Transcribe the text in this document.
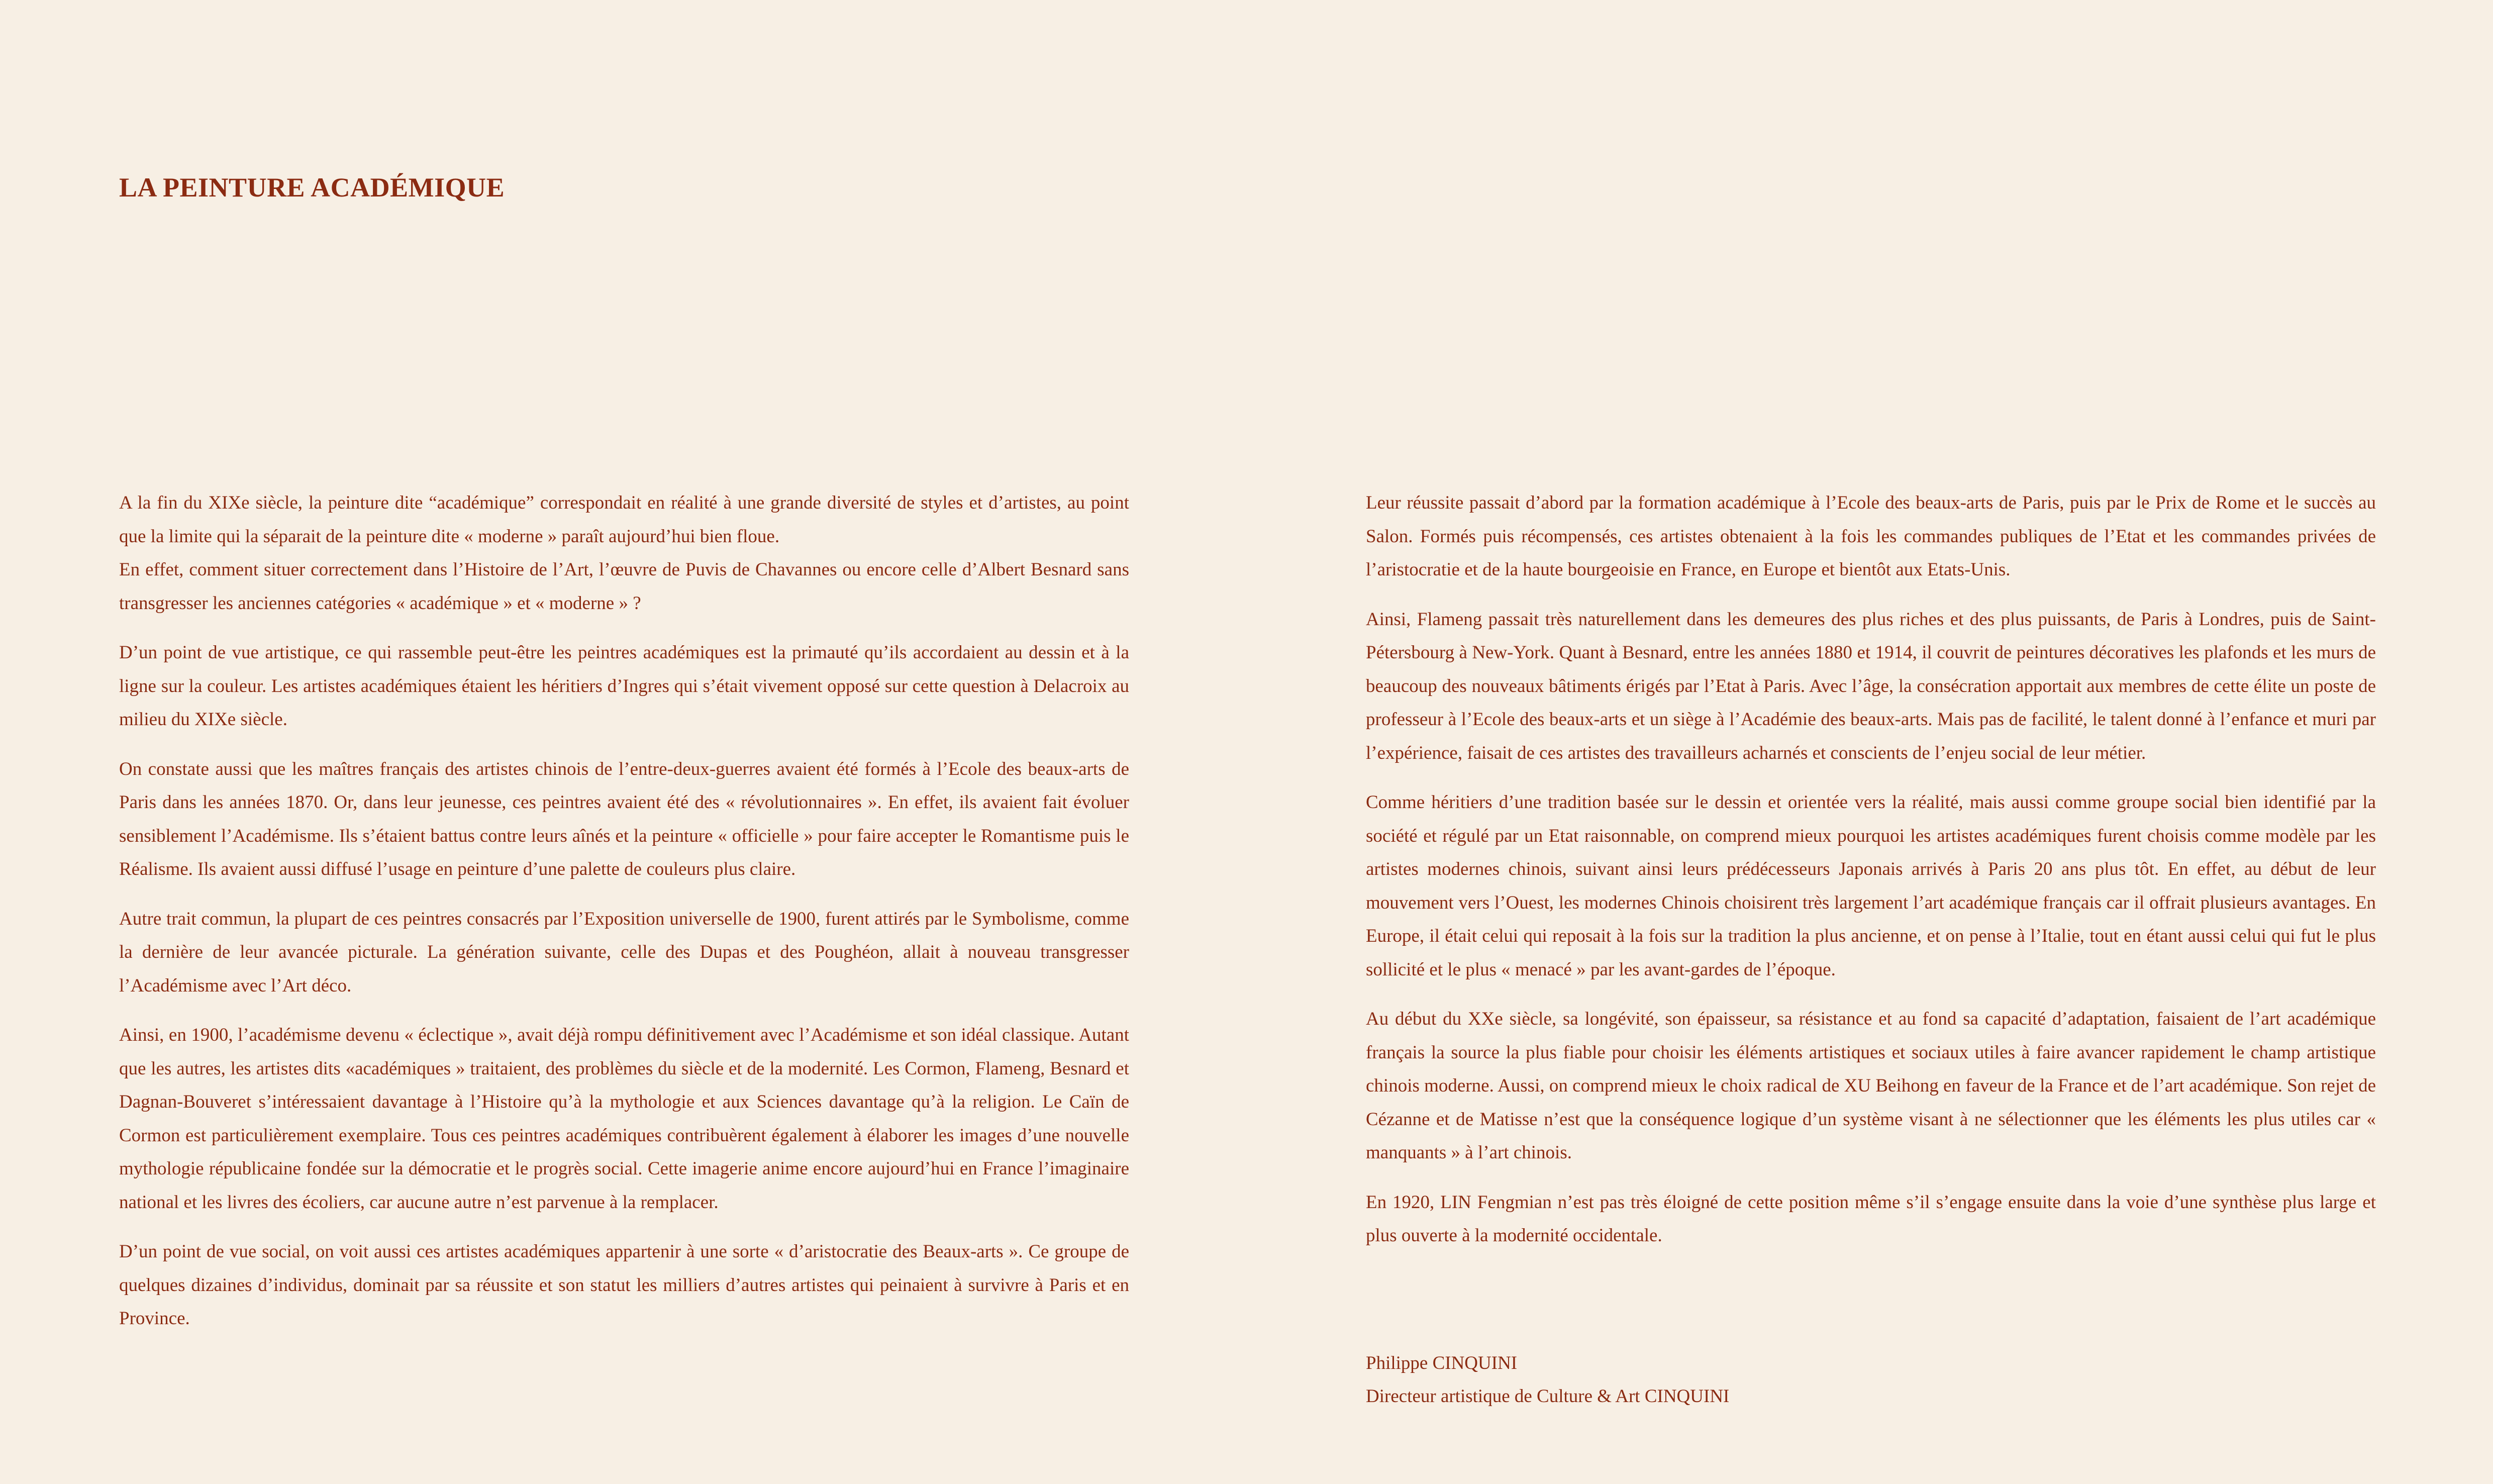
LA PEINTURE ACADÉMIQUE

A la fin du XIXe siècle, la peinture dite “académique” correspondait en réalité à une grande diversité de styles et d’artistes, au point que la limite qui la séparait de la peinture dite « moderne » paraît aujourd’hui bien floue.

En effet, comment situer correctement dans l’Histoire de l’Art, l’œuvre de Puvis de Chavannes ou encore celle d’Albert Besnard sans transgresser les anciennes catégories « académique » et « moderne » ?

D’un point de vue artistique, ce qui rassemble peut-être les peintres académiques est la primauté qu’ils accordaient au dessin et à la ligne sur la couleur. Les artistes académiques étaient les héritiers d’Ingres qui s’était vivement opposé sur cette question à Delacroix au milieu du XIXe siècle.

On constate aussi que les maîtres français des artistes chinois de l’entre-deux-guerres avaient été formés à l’Ecole des beaux-arts de Paris dans les années 1870. Or, dans leur jeunesse, ces peintres avaient été des « révolutionnaires ». En effet, ils avaient fait évoluer sensiblement l’Académisme. Ils s’étaient battus contre leurs aînés et la peinture « officielle » pour faire accepter le Romantisme puis le Réalisme. Ils avaient aussi diffusé l’usage en peinture d’une palette de couleurs plus claire.

Autre trait commun, la plupart de ces peintres consacrés par l’Exposition universelle de 1900, furent attirés par le Symbolisme, comme la dernière de leur avancée picturale. La génération suivante, celle des Dupas et des Poughéon, allait à nouveau transgresser l’Académisme avec l’Art déco.

Ainsi, en 1900, l’académisme devenu « éclectique », avait déjà rompu définitivement avec l’Académisme et son idéal classique. Autant que les autres, les artistes dits «académiques » traitaient, des problèmes du siècle et de la modernité. Les Cormon, Flameng, Besnard et Dagnan-Bouveret s’intéressaient davantage à l’Histoire qu’à la mythologie et aux Sciences davantage qu’à la religion. Le Caïn de Cormon est particulièrement exemplaire. Tous ces peintres académiques contribuèrent également à élaborer les images d’une nouvelle mythologie républicaine fondée sur la démocratie et le progrès social. Cette imagerie anime encore aujourd’hui en France l’imaginaire national et les livres des écoliers, car aucune autre n’est parvenue à la remplacer.

D’un point de vue social, on voit aussi ces artistes académiques appartenir à une sorte « d’aristocratie des Beaux-arts ». Ce groupe de quelques dizaines d’individus, dominait par sa réussite et son statut les milliers d’autres artistes qui peinaient à survivre à Paris et en Province.

Leur réussite passait d’abord par la formation académique à l’Ecole des beaux-arts de Paris, puis par le Prix de Rome et le succès au Salon. Formés puis récompensés, ces artistes obtenaient à la fois les commandes publiques de l’Etat et les commandes privées de l’aristocratie et de la haute bourgeoisie en France, en Europe et bientôt aux Etats-Unis.

Ainsi, Flameng passait très naturellement dans les demeures des plus riches et des plus puissants, de Paris à Londres, puis de Saint-Pétersbourg à New-York. Quant à Besnard, entre les années 1880 et 1914, il couvrit de peintures décoratives les plafonds et les murs de beaucoup des nouveaux bâtiments érigés par l’Etat à Paris. Avec l’âge, la consécration apportait aux membres de cette élite un poste de professeur à l’Ecole des beaux-arts et un siège à l’Académie des beaux-arts. Mais pas de facilité, le talent donné à l’enfance et muri par l’expérience, faisait de ces artistes des travailleurs acharnés et conscients de l’enjeu social de leur métier.

Comme héritiers d’une tradition basée sur le dessin et orientée vers la réalité, mais aussi comme groupe social bien identifié par la société et régulé par un Etat raisonnable, on comprend mieux pourquoi les artistes académiques furent choisis comme modèle par les artistes modernes chinois, suivant ainsi leurs prédécesseurs Japonais arrivés à Paris 20 ans plus tôt. En effet, au début de leur mouvement vers l’Ouest, les modernes Chinois choisirent très largement l’art académique français car il offrait plusieurs avantages. En Europe, il était celui qui reposait à la fois sur la tradition la plus ancienne, et on pense à l’Italie, tout en étant aussi celui qui fut le plus sollicité et le plus « menacé » par les avant-gardes de l’époque.

Au début du XXe siècle, sa longévité, son épaisseur, sa résistance et au fond sa capacité d’adaptation, faisaient de l’art académique français la source la plus fiable pour choisir les éléments artistiques et sociaux utiles à faire avancer rapidement le champ artistique chinois moderne. Aussi, on comprend mieux le choix radical de XU Beihong en faveur de la France et de l’art académique. Son rejet de Cézanne et de Matisse n’est que la conséquence logique d’un système visant à ne sélectionner que les éléments les plus utiles car « manquants » à l’art chinois.

En 1920, LIN Fengmian n’est pas très éloigné de cette position même s’il s’engage ensuite dans la voie d’une synthèse plus large et plus ouverte à la modernité occidentale.

Philippe CINQUINI
Directeur artistique de Culture & Art CINQUINI
